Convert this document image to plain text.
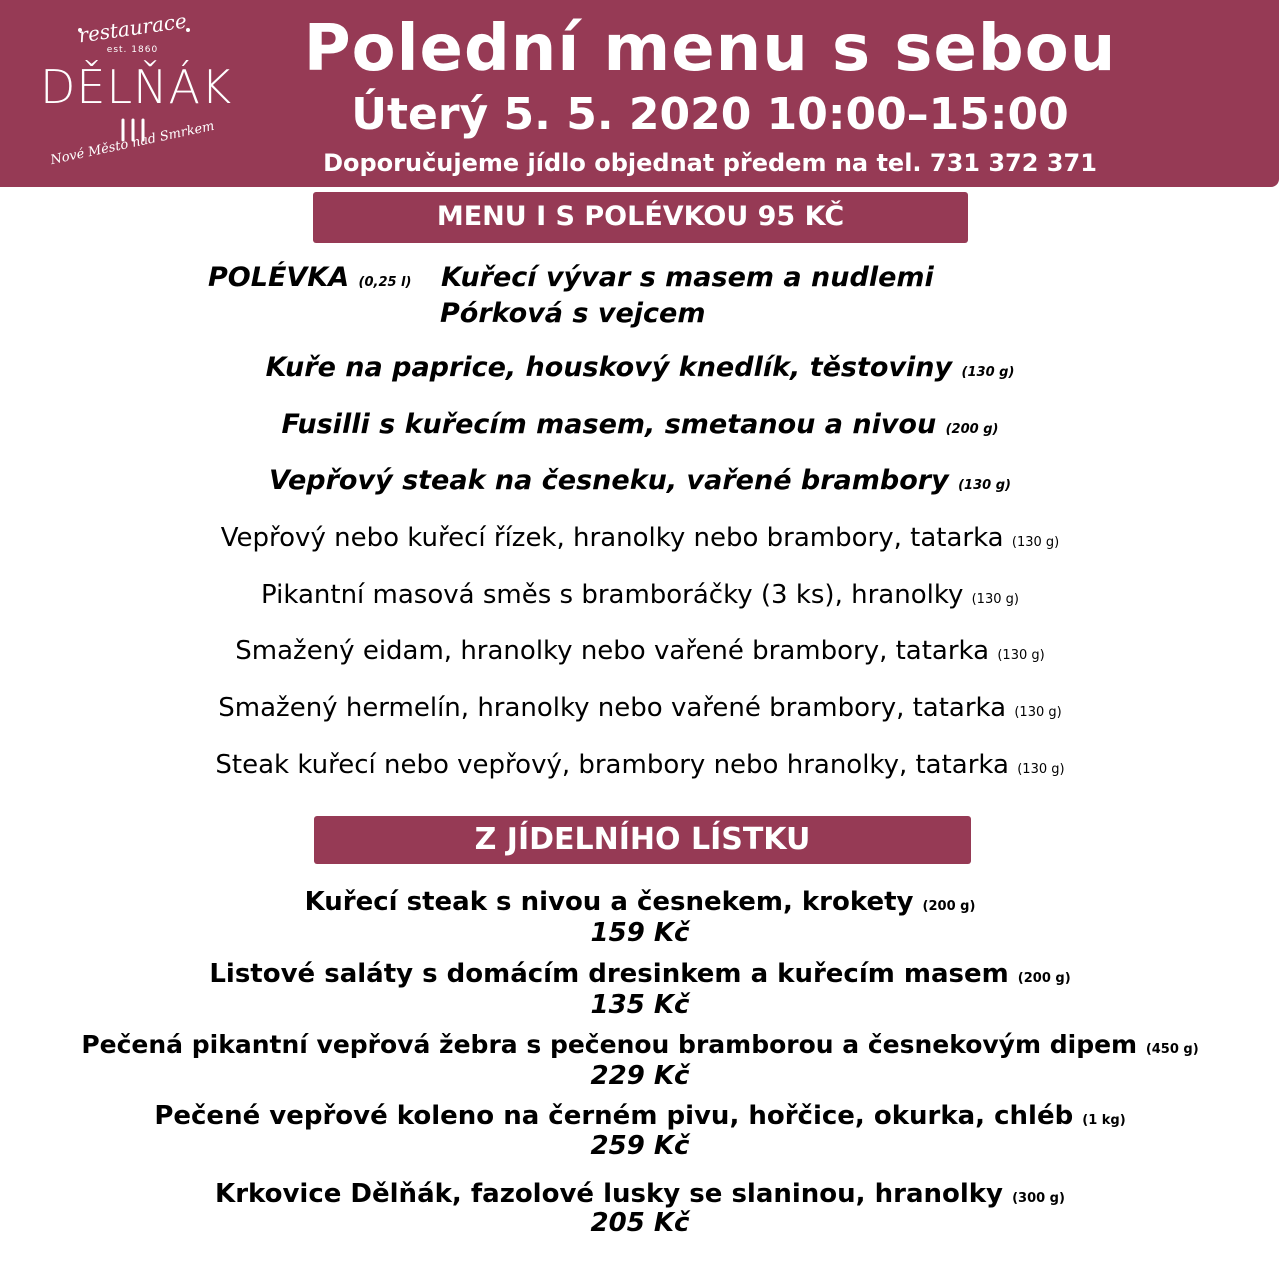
restaurace
est. 1860
DĚLŇÁK
Nové Město nad Smrkem
Polední menu s sebou
Úterý 5. 5. 2020 10:00–15:00
Doporučujeme jídlo objednat předem na tel. 731 372 371
MENU I S POLÉVKOU 95 KČ
POLÉVKA (0,25 l) Kuřecí vývar s masem a nudlemi
Pórková s vejcem
Kuře na paprice, houskový knedlík, těstoviny (130 g)
Fusilli s kuřecím masem, smetanou a nivou (200 g)
Vepřový steak na česneku, vařené brambory (130 g)
Vepřový nebo kuřecí řízek, hranolky nebo brambory, tatarka (130 g)
Pikantní masová směs s bramboráčky (3 ks), hranolky (130 g)
Smažený eidam, hranolky nebo vařené brambory, tatarka (130 g)
Smažený hermelín, hranolky nebo vařené brambory, tatarka (130 g)
Steak kuřecí nebo vepřový, brambory nebo hranolky, tatarka (130 g)
Z JÍDELNÍHO LÍSTKU
Kuřecí steak s nivou a česnekem, krokety (200 g)
159 Kč
Listové saláty s domácím dresinkem a kuřecím masem (200 g)
135 Kč
Pečená pikantní vepřová žebra s pečenou bramborou a česnekovým dipem (450 g)
229 Kč
Pečené vepřové koleno na černém pivu, hořčice, okurka, chléb (1 kg)
259 Kč
Krkovice Dělňák, fazolové lusky se slaninou, hranolky (300 g)
205 Kč
